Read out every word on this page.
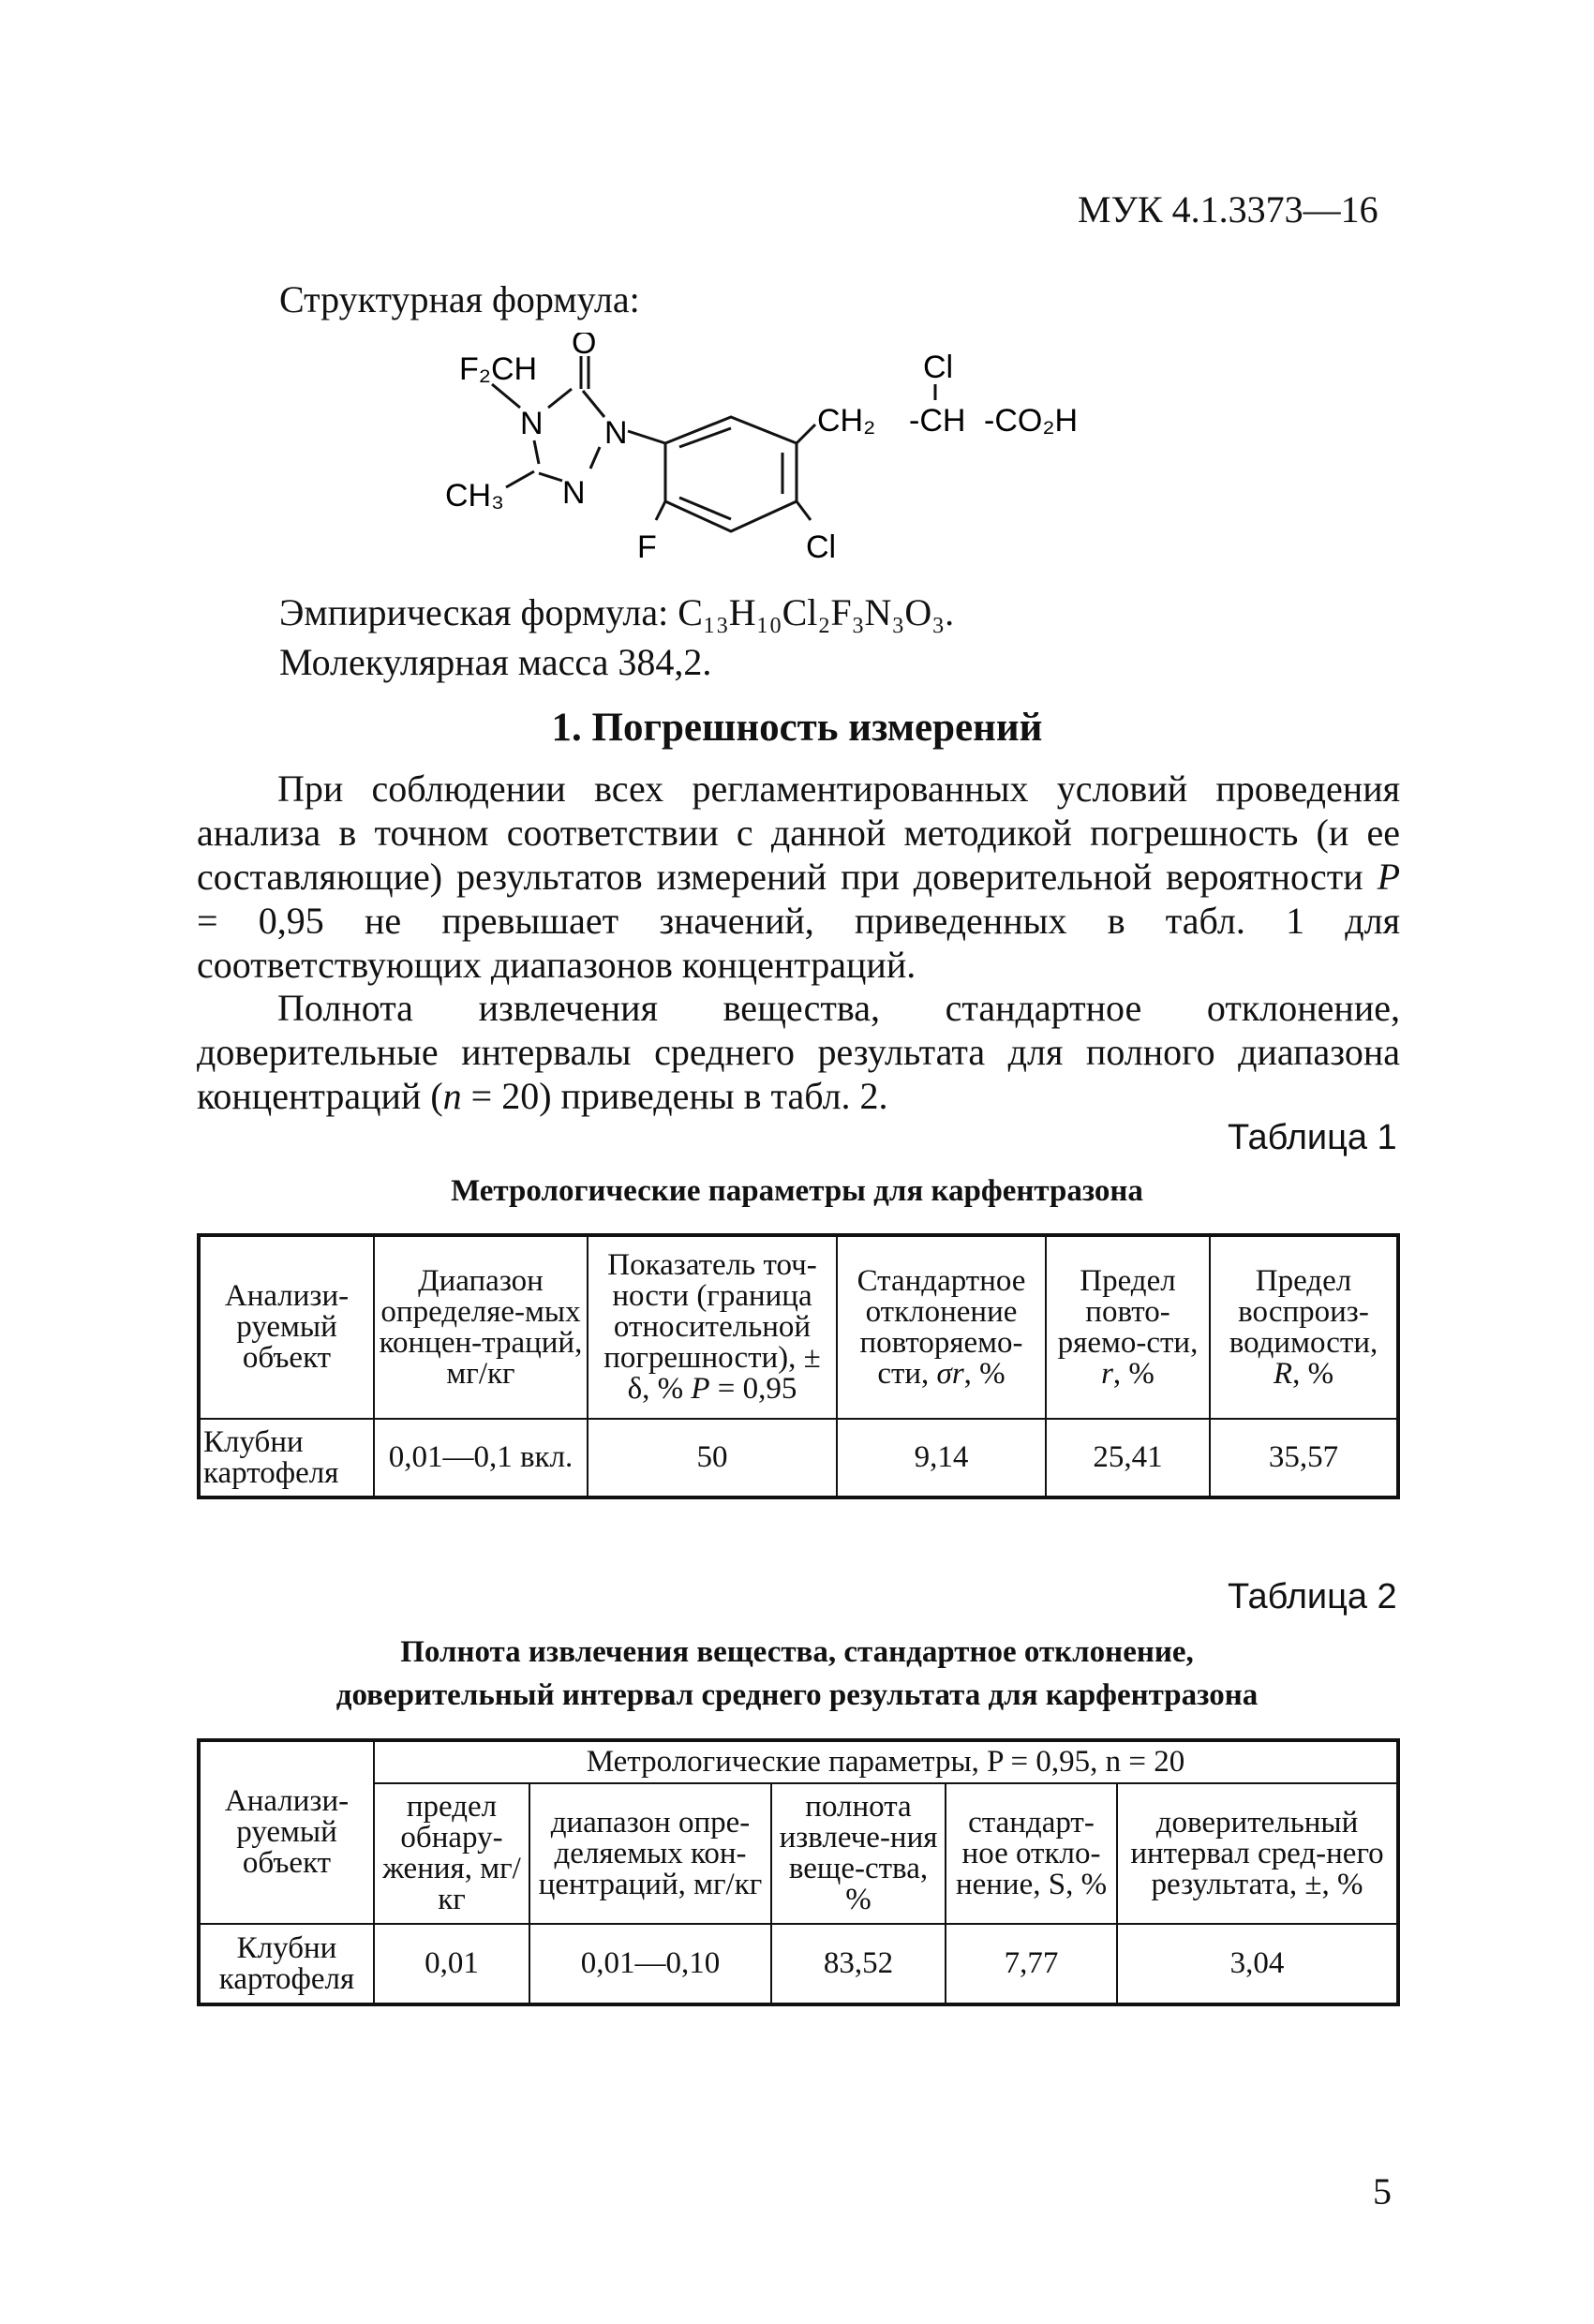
МУК 4.1.3373—16
Структурная формула:
F₂CH
O
N N
N
CH₃
F	Cl
CH₂ -CH -CO₂H
Cl
Эмпирическая формула: C₁₃H₁₀Cl₂F₃N₃O₃.
Молекулярная масса 384,2.
1. Погрешность измерений
При соблюдении всех регламентированных условий проведения анализа в точном соответствии с данной методикой погрешность (и ее составляющие) результатов измерений при доверительной вероятности P = 0,95 не превышает значений, приведенных в табл. 1 для соответствующих диапазонов концентраций.
Полнота извлечения вещества, стандартное отклонение, доверительные интервалы среднего результата для полного диапазона концентраций (n = 20) приведены в табл. 2.
Таблица 1
Метрологические параметры для карфентразона
Анализи-руемый объект	Диапазон определяе-мых концен-траций, мг/кг	Показатель точ-ности (граница относительной погрешности), ± δ, % P = 0,95	Стандартное отклонение повторяемо-сти, σr, %	Предел повто-ряемо-сти, r, %	Предел воспроиз-водимости, R, %
Клубни картофеля	0,01—0,1 вкл.	50	9,14	25,41	35,57
Таблица 2
Полнота извлечения вещества, стандартное отклонение,
доверительный интервал среднего результата для карфентразона
Анализи-руемый объект	Метрологические параметры, P = 0,95, n = 20				
	предел обнару-жения, мг/кг	диапазон опре-деляемых кон-центраций, мг/кг	полнота извлече-ния веще-ства, %	стандарт-ное откло-нение, S, %	доверительный интервал сред-него результата, ±, %
Клубни картофеля	0,01	0,01—0,10	83,52	7,77	3,04
5
